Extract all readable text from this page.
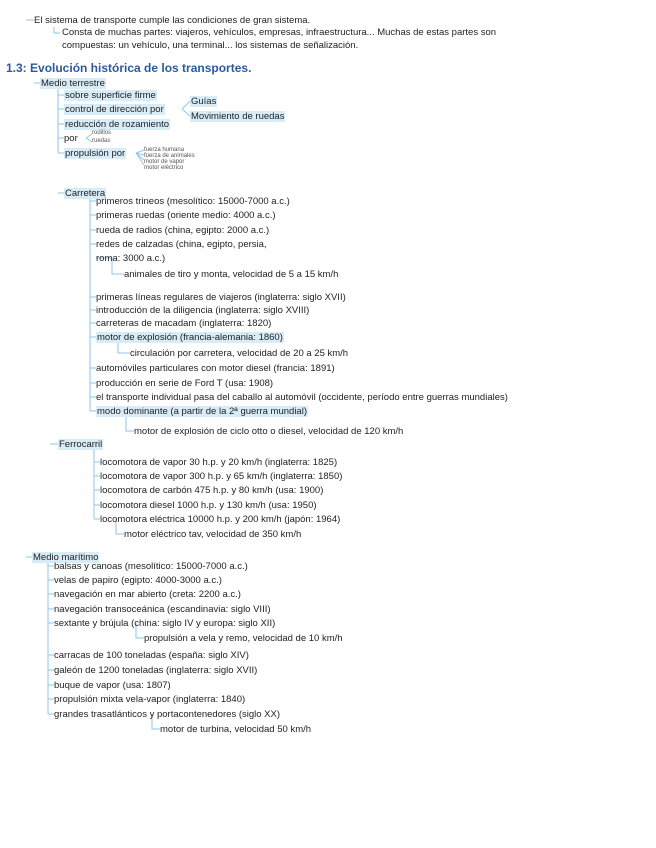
El sistema de transporte cumple las condiciones de gran sistema.
Consta de muchas partes: viajeros, vehículos, empresas, infraestructura... Muchas de estas partes son
compuestas: un vehículo, una terminal... los sistemas de señalización.
1.3: Evolución histórica de los transportes.
Medio terrestre
sobre superficie firme
control de dirección por
Guías
Movimiento de ruedas
reducción de rozamiento
por rodillos
ruedas
propulsión por	fuerza humana
fuerza de animales
motor de vapor
motor eléctrico
Carretera
primeros trineos (mesolítico: 15000-7000 a.c.)
primeras ruedas (oriente medio: 4000 a.c.)
rueda de radios (china, egipto: 2000 a.c.)
redes de calzadas (china, egipto, persia,
roma: 3000 a.c.)
animales de tiro y monta, velocidad de 5 a 15 km/h
primeras líneas regulares de viajeros (inglaterra: siglo XVII)
introducción de la diligencia (inglaterra: siglo XVIII)
carreteras de macadam (inglaterra: 1820)
motor de explosión (francia-alemania: 1860)
circulación por carretera, velocidad de 20 a 25 km/h
automóviles particulares con motor diesel (francia: 1891)
producción en serie de Ford T (usa: 1908)
el transporte individual pasa del caballo al automóvil (occidente, período entre guerras mundiales)
modo dominante (a partir de la 2ª guerra mundial)
motor de explosión de ciclo otto o diesel, velocidad de 120 km/h
Ferrocarril
locomotora de vapor 30 h.p. y 20 km/h (inglaterra: 1825)
locomotora de vapor 300 h.p. y 65 km/h (inglaterra: 1850)
locomotora de carbón 475 h.p. y 80 km/h (usa: 1900)
locomotora diesel 1000 h.p. y 130 km/h (usa: 1950)
locomotora eléctrica 10000 h.p. y 200 km/h (japón: 1964)
motor eléctrico tav, velocidad de 350 km/h
Medio marítimo
balsas y canoas (mesolítico: 15000-7000 a.c.)
velas de papiro (egipto: 4000-3000 a.c.)
navegación en mar abierto (creta: 2200 a.c.)
navegación transoceánica (escandinavia: siglo VIII)
sextante y brújula (china: siglo IV y europa: siglo XII)
propulsión a vela y remo, velocidad de 10 km/h
carracas de 100 toneladas (españa: siglo XIV)
galeón de 1200 toneladas (inglaterra: siglo XVII)
buque de vapor (usa: 1807)
propulsión mixta vela-vapor (inglaterra: 1840)
grandes trasatlánticos y portacontenedores (siglo XX)
motor de turbina, velocidad 50 km/h
